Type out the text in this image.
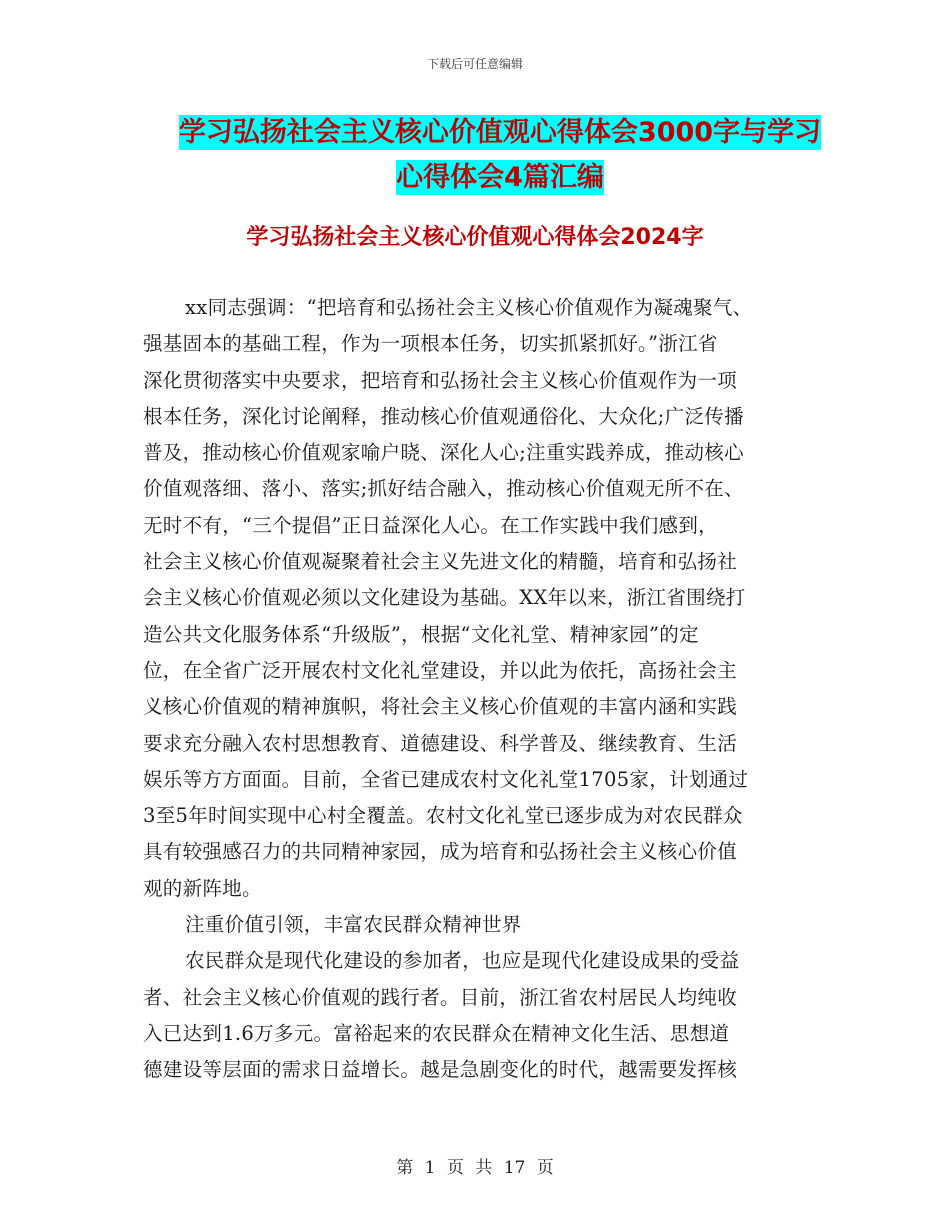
下载后可任意编辑
学习弘扬社会主义核心价值观心得体会3000字与学习
心得体会4篇汇编
学习弘扬社会主义核心价值观心得体会2024字
xx同志强调：“把培育和弘扬社会主义核心价值观作为凝魂聚气、
强基固本的基础工程，作为一项根本任务，切实抓紧抓好。”浙江省
深化贯彻落实中央要求，把培育和弘扬社会主义核心价值观作为一项
根本任务，深化讨论阐释，推动核心价值观通俗化、大众化;广泛传播
普及，推动核心价值观家喻户晓、深化人心;注重实践养成，推动核心
价值观落细、落小、落实;抓好结合融入，推动核心价值观无所不在、
无时不有，“三个提倡”正日益深化人心。在工作实践中我们感到，
社会主义核心价值观凝聚着社会主义先进文化的精髓，培育和弘扬社
会主义核心价值观必须以文化建设为基础。XX年以来，浙江省围绕打
造公共文化服务体系“升级版”，根据“文化礼堂、精神家园”的定
位，在全省广泛开展农村文化礼堂建设，并以此为依托，高扬社会主
义核心价值观的精神旗帜，将社会主义核心价值观的丰富内涵和实践
要求充分融入农村思想教育、道德建设、科学普及、继续教育、生活
娱乐等方方面面。目前，全省已建成农村文化礼堂1705家，计划通过
3至5年时间实现中心村全覆盖。农村文化礼堂已逐步成为对农民群众
具有较强感召力的共同精神家园，成为培育和弘扬社会主义核心价值
观的新阵地。
注重价值引领，丰富农民群众精神世界
农民群众是现代化建设的参加者，也应是现代化建设成果的受益
者、社会主义核心价值观的践行者。目前，浙江省农村居民人均纯收
入已达到1.6万多元。富裕起来的农民群众在精神文化生活、思想道
德建设等层面的需求日益增长。越是急剧变化的时代，越需要发挥核
第 1 页 共 17 页
